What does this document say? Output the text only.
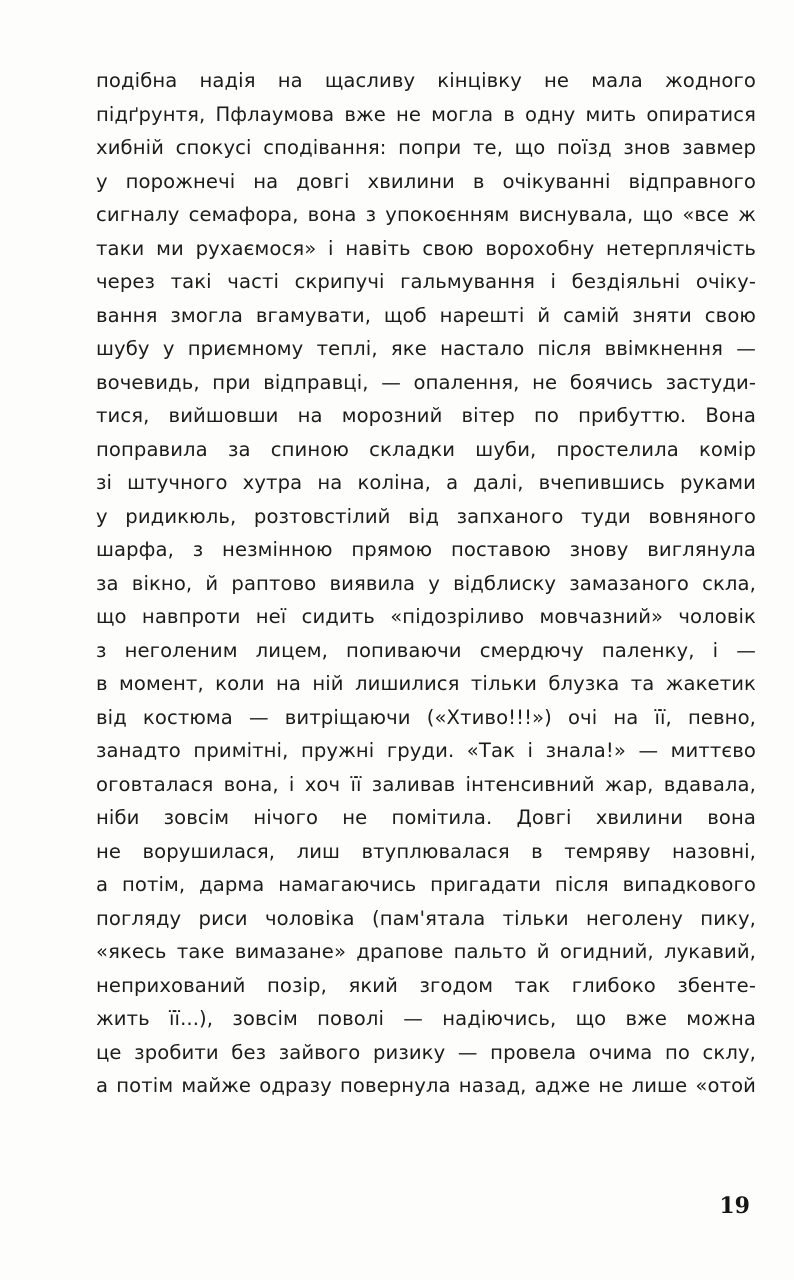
подібна надія на щасливу кінцівку не мала жодного
підґрунтя, Пфлаумова вже не могла в одну мить опиратися
хибній спокусі сподівання: попри те, що поїзд знов завмер
у порожнечі на довгі хвилини в очікуванні відправного
сигналу семафора, вона з упокоєнням виснувала, що «все ж
таки ми рухаємося» і навіть свою ворохобну нетерплячість
через такі часті скрипучі гальмування і бездіяльні очіку-
вання змогла вгамувати, щоб нарешті й самій зняти свою
шубу у приємному теплі, яке настало після ввімкнення —
вочевидь, при відправці, — опалення, не боячись застуди-
тися, вийшовши на морозний вітер по прибуттю. Вона
поправила за спиною складки шуби, простелила комір
зі штучного хутра на коліна, а далі, вчепившись руками
у ридикюль, розтовстілий від запханого туди вовняного
шарфа, з незмінною прямою поставою знову виглянула
за вікно, й раптово виявила у відблиску замазаного скла,
що навпроти неї сидить «підозріливо мовчазний» чоловік
з неголеним лицем, попиваючи смердючу паленку, і —
в момент, коли на ній лишилися тільки блузка та жакетик
від костюма — витріщаючи («Хтиво!!!») очі на її, певно,
занадто примітні, пружні груди. «Так і знала!» — миттєво
оговталася вона, і хоч її заливав інтенсивний жар, вдавала,
ніби зовсім нічого не помітила. Довгі хвилини вона
не ворушилася, лиш втуплювалася в темряву назовні,
а потім, дарма намагаючись пригадати після випадкового
погляду риси чоловіка (пам'ятала тільки неголену пику,
«якесь таке вимазане» драпове пальто й огидний, лукавий,
неприхований позір, який згодом так глибоко збенте-
жить її...), зовсім поволі — надіючись, що вже можна
це зробити без зайвого ризику — провела очима по склу,
а потім майже одразу повернула назад, адже не лише «отой
19
